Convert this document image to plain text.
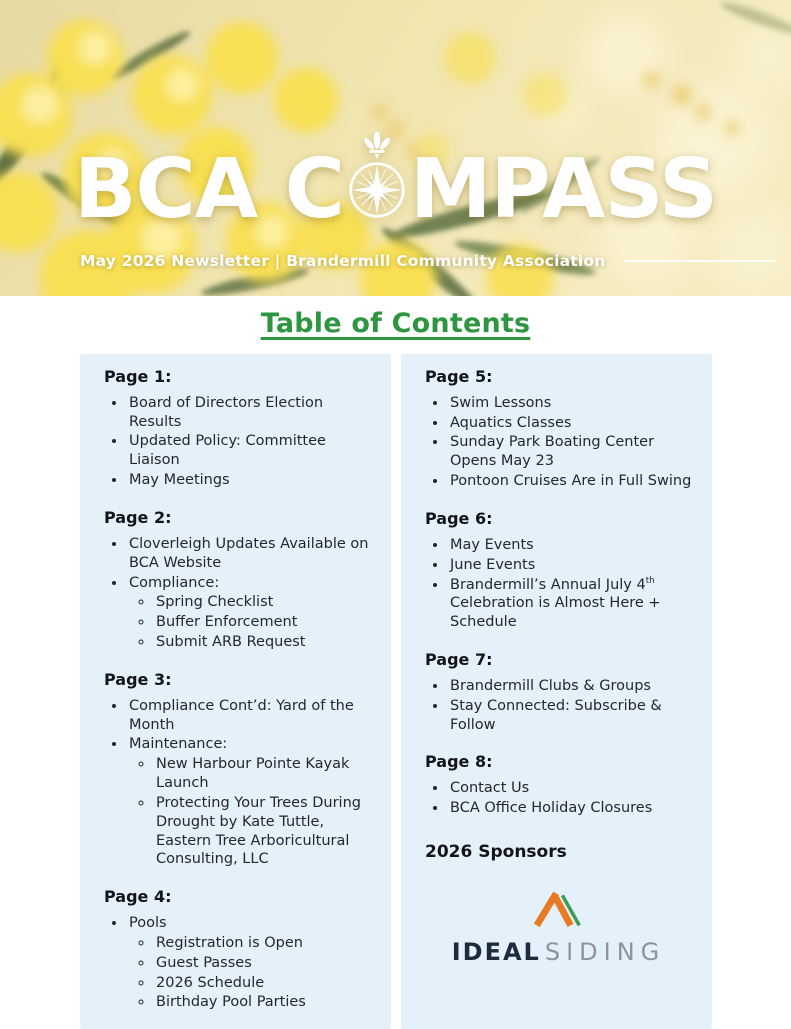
BCA C MPASS
May 2026 Newsletter | Brandermill Community Association
Table of Contents
Page 1:
• Board of Directors Election Results
• Updated Policy: Committee Liaison
• May Meetings
Page 2:
• Cloverleigh Updates Available on BCA Website
• Compliance:
◦ Spring Checklist
◦ Buffer Enforcement
◦ Submit ARB Request
Page 3:
• Compliance Cont’d: Yard of the Month
• Maintenance:
◦ New Harbour Pointe Kayak Launch
◦ Protecting Your Trees During Drought by Kate Tuttle, Eastern Tree Arboricultural Consulting, LLC
Page 4:
• Pools
◦ Registration is Open
◦ Guest Passes
◦ 2026 Schedule
◦ Birthday Pool Parties
Page 5:
• Swim Lessons
• Aquatics Classes
• Sunday Park Boating Center Opens May 23
• Pontoon Cruises Are in Full Swing
Page 6:
• May Events
• June Events
• Brandermill’s Annual July 4th Celebration is Almost Here + Schedule
Page 7:
• Brandermill Clubs & Groups
• Stay Connected: Subscribe & Follow
Page 8:
• Contact Us
• BCA Office Holiday Closures
2026 Sponsors
IDEAL SIDING
